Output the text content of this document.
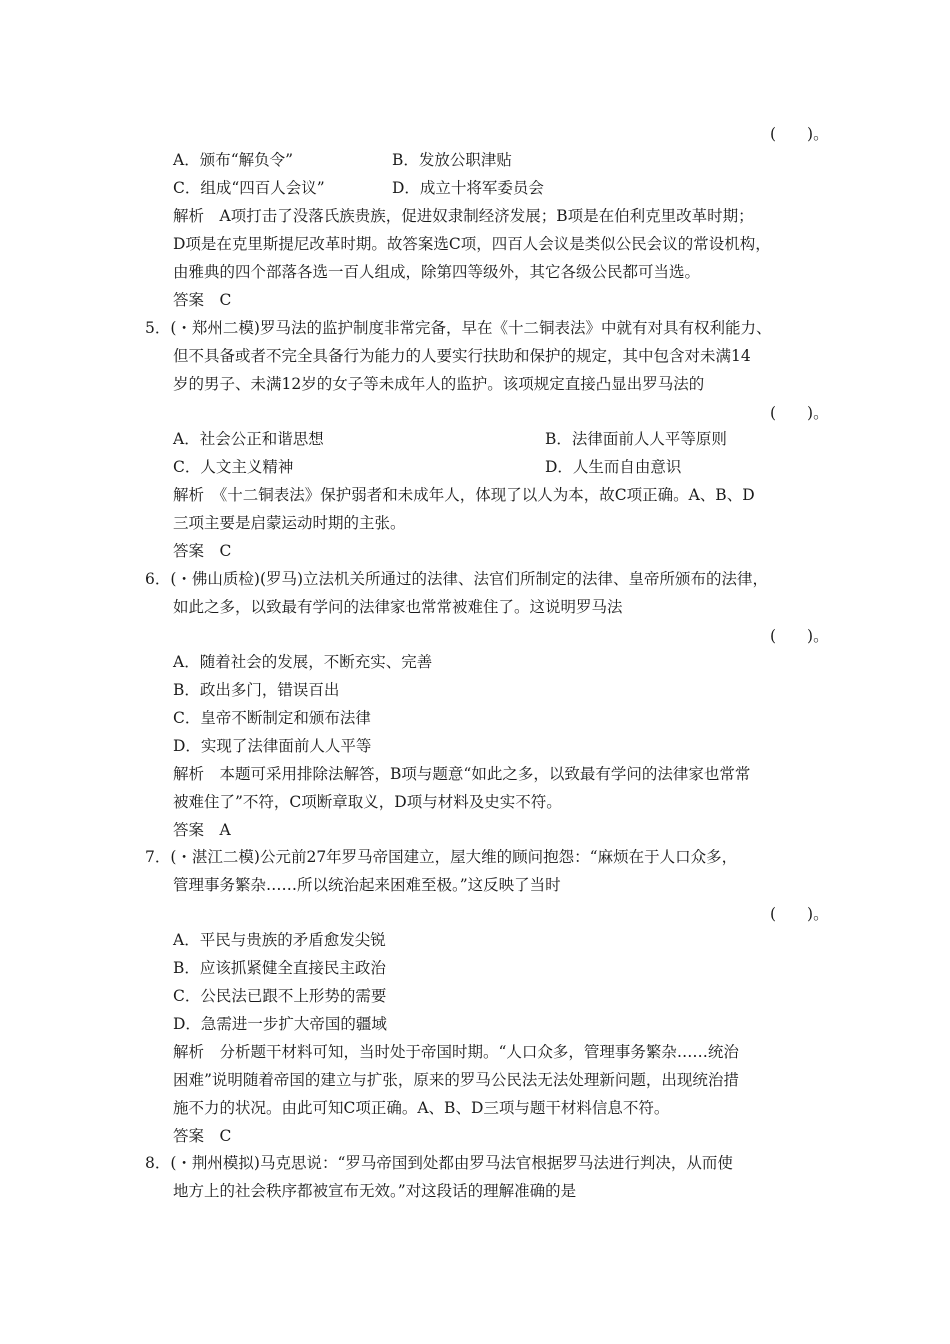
(　　)。
A．颁布“解负令”	B．发放公职津贴
C．组成“四百人会议”	D．成立十将军委员会
解析　A项打击了没落氏族贵族，促进奴隶制经济发展；B项是在伯利克里改革时期；
D项是在克里斯提尼改革时期。故答案选C项，四百人会议是类似公民会议的常设机构，
由雅典的四个部落各选一百人组成，除第四等级外，其它各级公民都可当选。
答案　C
5．(・郑州二模)罗马法的监护制度非常完备，早在《十二铜表法》中就有对具有权利能力、
但不具备或者不完全具备行为能力的人要实行扶助和保护的规定，其中包含对未满14
岁的男子、未满12岁的女子等未成年人的监护。该项规定直接凸显出罗马法的
(　　)。
A．社会公正和谐思想	B．法律面前人人平等原则
C．人文主义精神	D．人生而自由意识
解析　《十二铜表法》保护弱者和未成年人，体现了以人为本，故C项正确。A、B、D
三项主要是启蒙运动时期的主张。
答案　C
6．(・佛山质检)(罗马)立法机关所通过的法律、法官们所制定的法律、皇帝所颁布的法律，
如此之多，以致最有学问的法律家也常常被难住了。这说明罗马法
(　　)。
A．随着社会的发展，不断充实、完善
B．政出多门，错误百出
C．皇帝不断制定和颁布法律
D．实现了法律面前人人平等
解析　本题可采用排除法解答，B项与题意“如此之多，以致最有学问的法律家也常常
被难住了”不符，C项断章取义，D项与材料及史实不符。
答案　A
7．(・湛江二模)公元前27年罗马帝国建立，屋大维的顾问抱怨：“麻烦在于人口众多，
管理事务繁杂……所以统治起来困难至极。”这反映了当时
(　　)。
A．平民与贵族的矛盾愈发尖锐
B．应该抓紧健全直接民主政治
C．公民法已跟不上形势的需要
D．急需进一步扩大帝国的疆域
解析　分析题干材料可知，当时处于帝国时期。“人口众多，管理事务繁杂……统治
困难”说明随着帝国的建立与扩张，原来的罗马公民法无法处理新问题，出现统治措
施不力的状况。由此可知C项正确。A、B、D三项与题干材料信息不符。
答案　C
8．(・荆州模拟)马克思说：“罗马帝国到处都由罗马法官根据罗马法进行判决，从而使
地方上的社会秩序都被宣布无效。”对这段话的理解准确的是
